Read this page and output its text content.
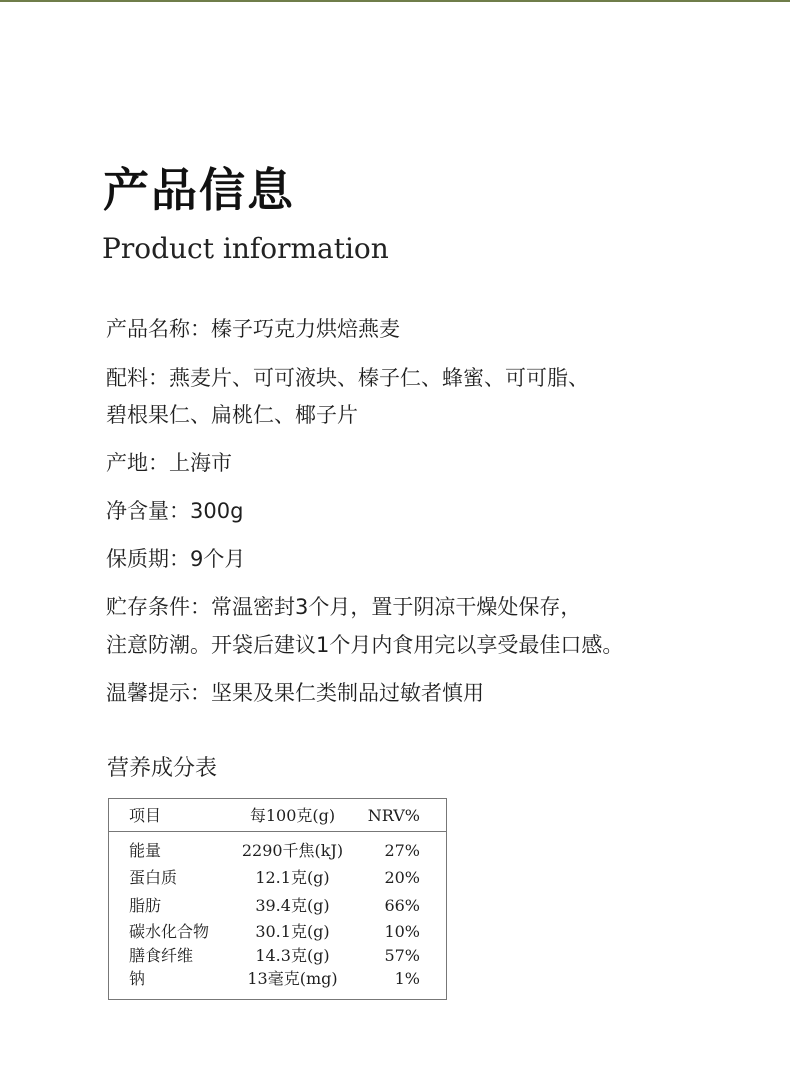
产品信息
Product information
产品名称：榛子巧克力烘焙燕麦
配料：燕麦片、可可液块、榛子仁、蜂蜜、可可脂、
碧根果仁、扁桃仁、椰子片
产地：上海市
净含量：300g
保质期：9个月
贮存条件：常温密封3个月，置于阴凉干燥处保存，
注意防潮。开袋后建议1个月内食用完以享受最佳口感。
温馨提示：坚果及果仁类制品过敏者慎用
营养成分表
项目	每100克(g)	NRV%
能量	2290千焦(kJ)	27%
蛋白质	12.1克(g)	20%
脂肪	39.4克(g)	66%
碳水化合物	30.1克(g)	10%
膳食纤维	14.3克(g)	57%
钠	13毫克(mg)	1%
